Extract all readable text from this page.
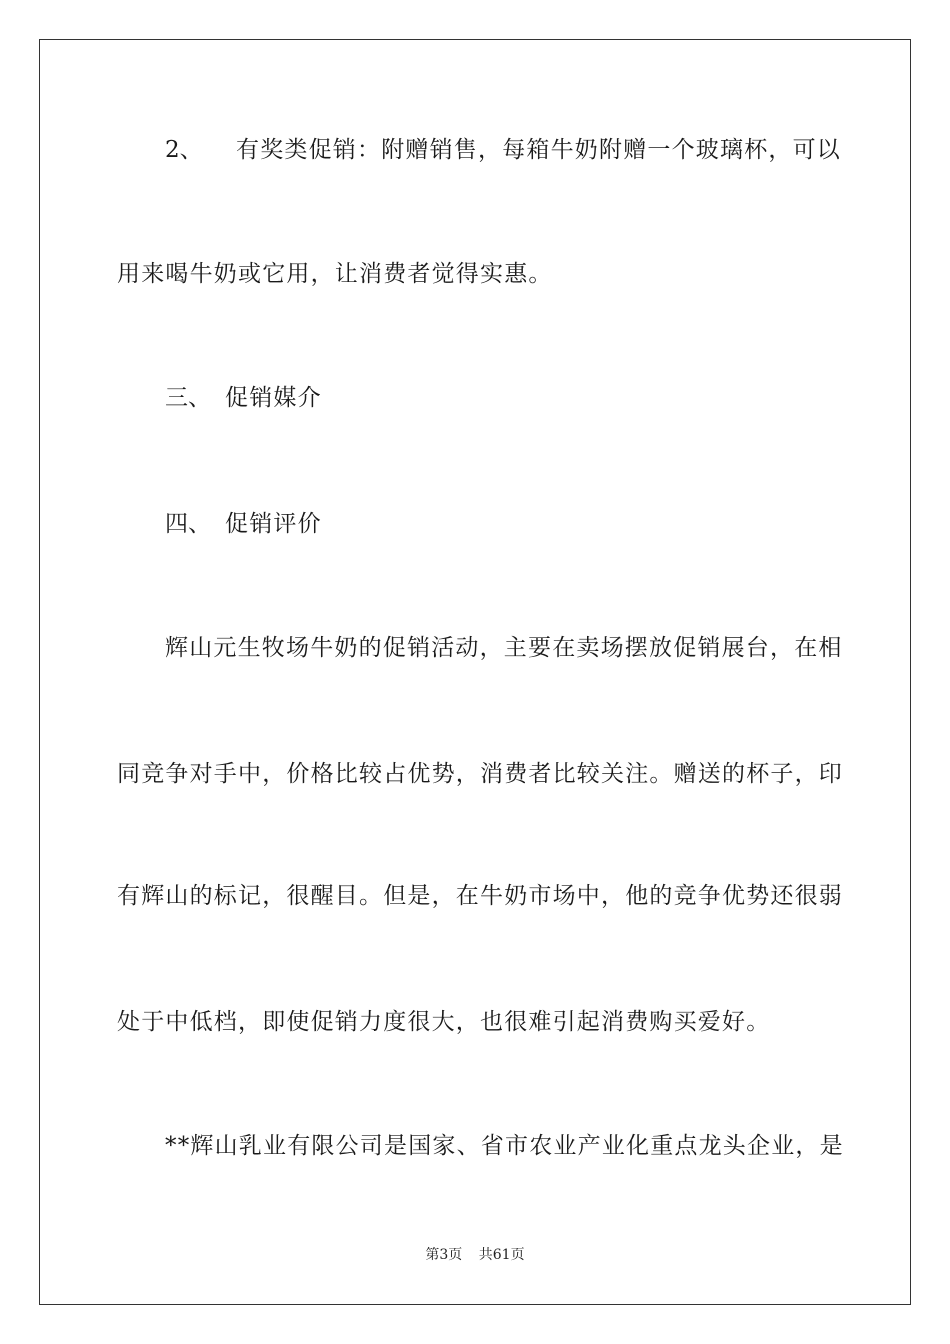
2、 有奖类促销：附赠销售，每箱牛奶附赠一个玻璃杯，可以
用来喝牛奶或它用，让消费者觉得实惠。
三、 促销媒介
四、 促销评价
辉山元生牧场牛奶的促销活动，主要在卖场摆放促销展台，在相
同竞争对手中，价格比较占优势，消费者比较关注。赠送的杯子，印
有辉山的标记，很醒目。但是，在牛奶市场中，他的竞争优势还很弱
处于中低档，即使促销力度很大，也很难引起消费购买爱好。
**辉山乳业有限公司是国家、省市农业产业化重点龙头企业，是
第3页 共61页
